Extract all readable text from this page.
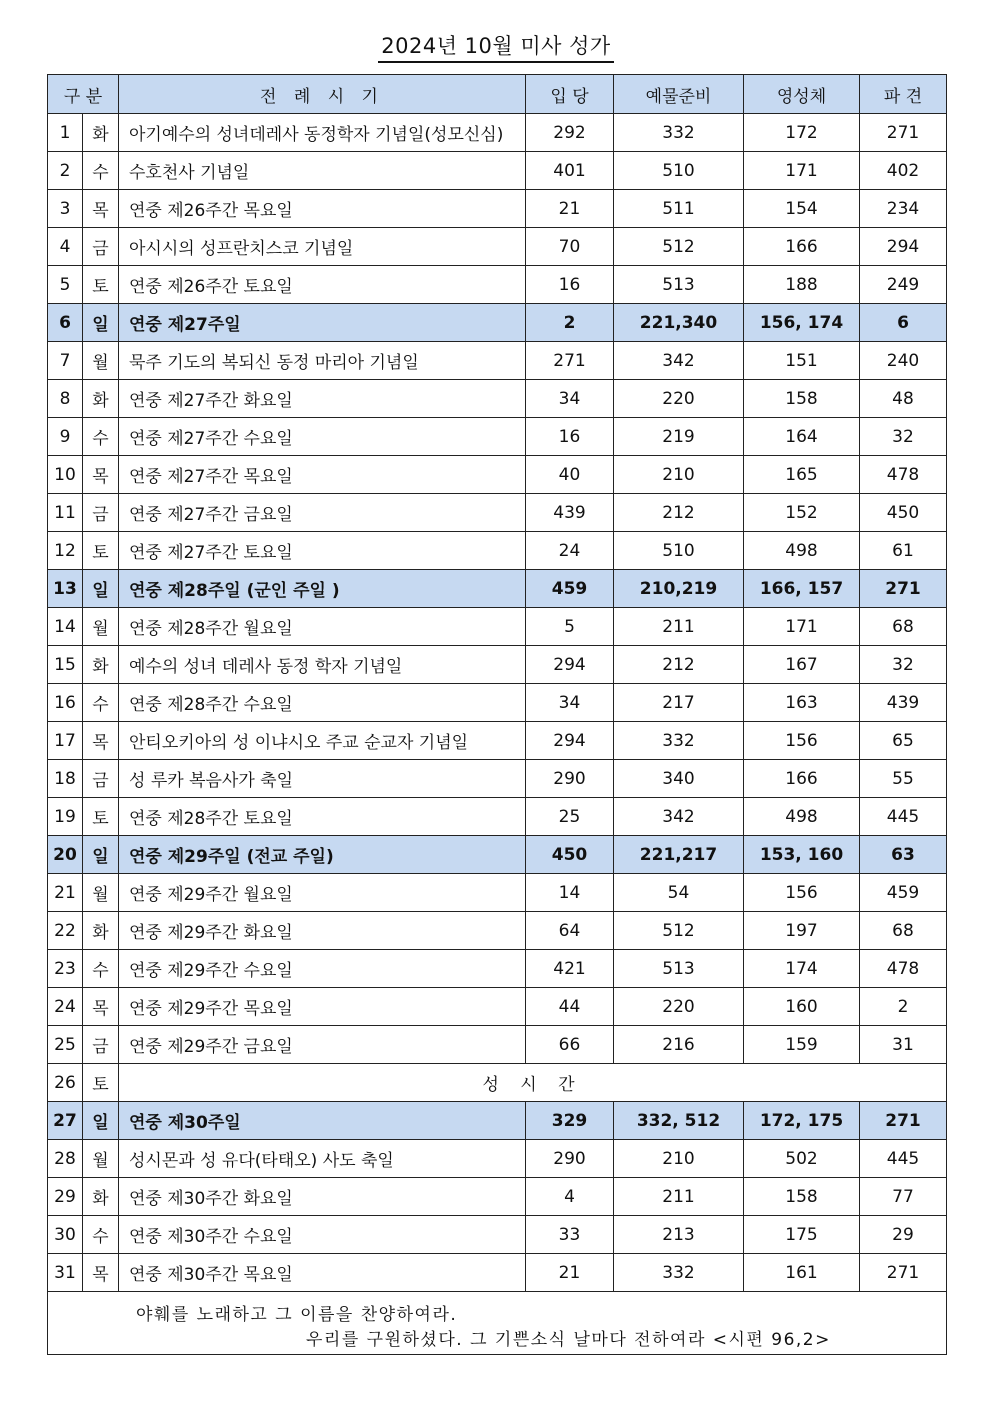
2024년 10월 미사 성가
구 분		전 례 시 기	입 당	예물준비	영성체	파 견
1	화	아기예수의 성녀데레사 동정학자 기념일(성모신심)	292	332	172	271
2	수	수호천사 기념일	401	510	171	402
3	목	연중 제26주간 목요일	21	511	154	234
4	금	아시시의 성프란치스코 기념일	70	512	166	294
5	토	연중 제26주간 토요일	16	513	188	249
6	일	연중 제27주일	2	221,340	156, 174	6
7	월	묵주 기도의 복되신 동정 마리아 기념일	271	342	151	240
8	화	연중 제27주간 화요일	34	220	158	48
9	수	연중 제27주간 수요일	16	219	164	32
10	목	연중 제27주간 목요일	40	210	165	478
11	금	연중 제27주간 금요일	439	212	152	450
12	토	연중 제27주간 토요일	24	510	498	61
13	일	연중 제28주일 (군인 주일 )	459	210,219	166, 157	271
14	월	연중 제28주간 월요일	5	211	171	68
15	화	예수의 성녀 데레사 동정 학자 기념일	294	212	167	32
16	수	연중 제28주간 수요일	34	217	163	439
17	목	안티오키아의 성 이냐시오 주교 순교자 기념일	294	332	156	65
18	금	성 루카 복음사가 축일	290	340	166	55
19	토	연중 제28주간 토요일	25	342	498	445
20	일	연중 제29주일 (전교 주일)	450	221,217	153, 160	63
21	월	연중 제29주간 월요일	14	54	156	459
22	화	연중 제29주간 화요일	64	512	197	68
23	수	연중 제29주간 수요일	421	513	174	478
24	목	연중 제29주간 목요일	44	220	160	2
25	금	연중 제29주간 금요일	66	216	159	31
26	토	성 시 간				
27	일	연중 제30주일	329	332, 512	172, 175	271
28	월	성시몬과 성 유다(타태오) 사도 축일	290	210	502	445
29	화	연중 제30주간 화요일	4	211	158	77
30	수	연중 제30주간 수요일	33	213	175	29
31	목	연중 제30주간 목요일	21	332	161	271

야훼를 노래하고 그 이름을 찬양하여라.
우리를 구원하셨다. 그 기쁜소식 날마다 전하여라 <시편 96,2>						
